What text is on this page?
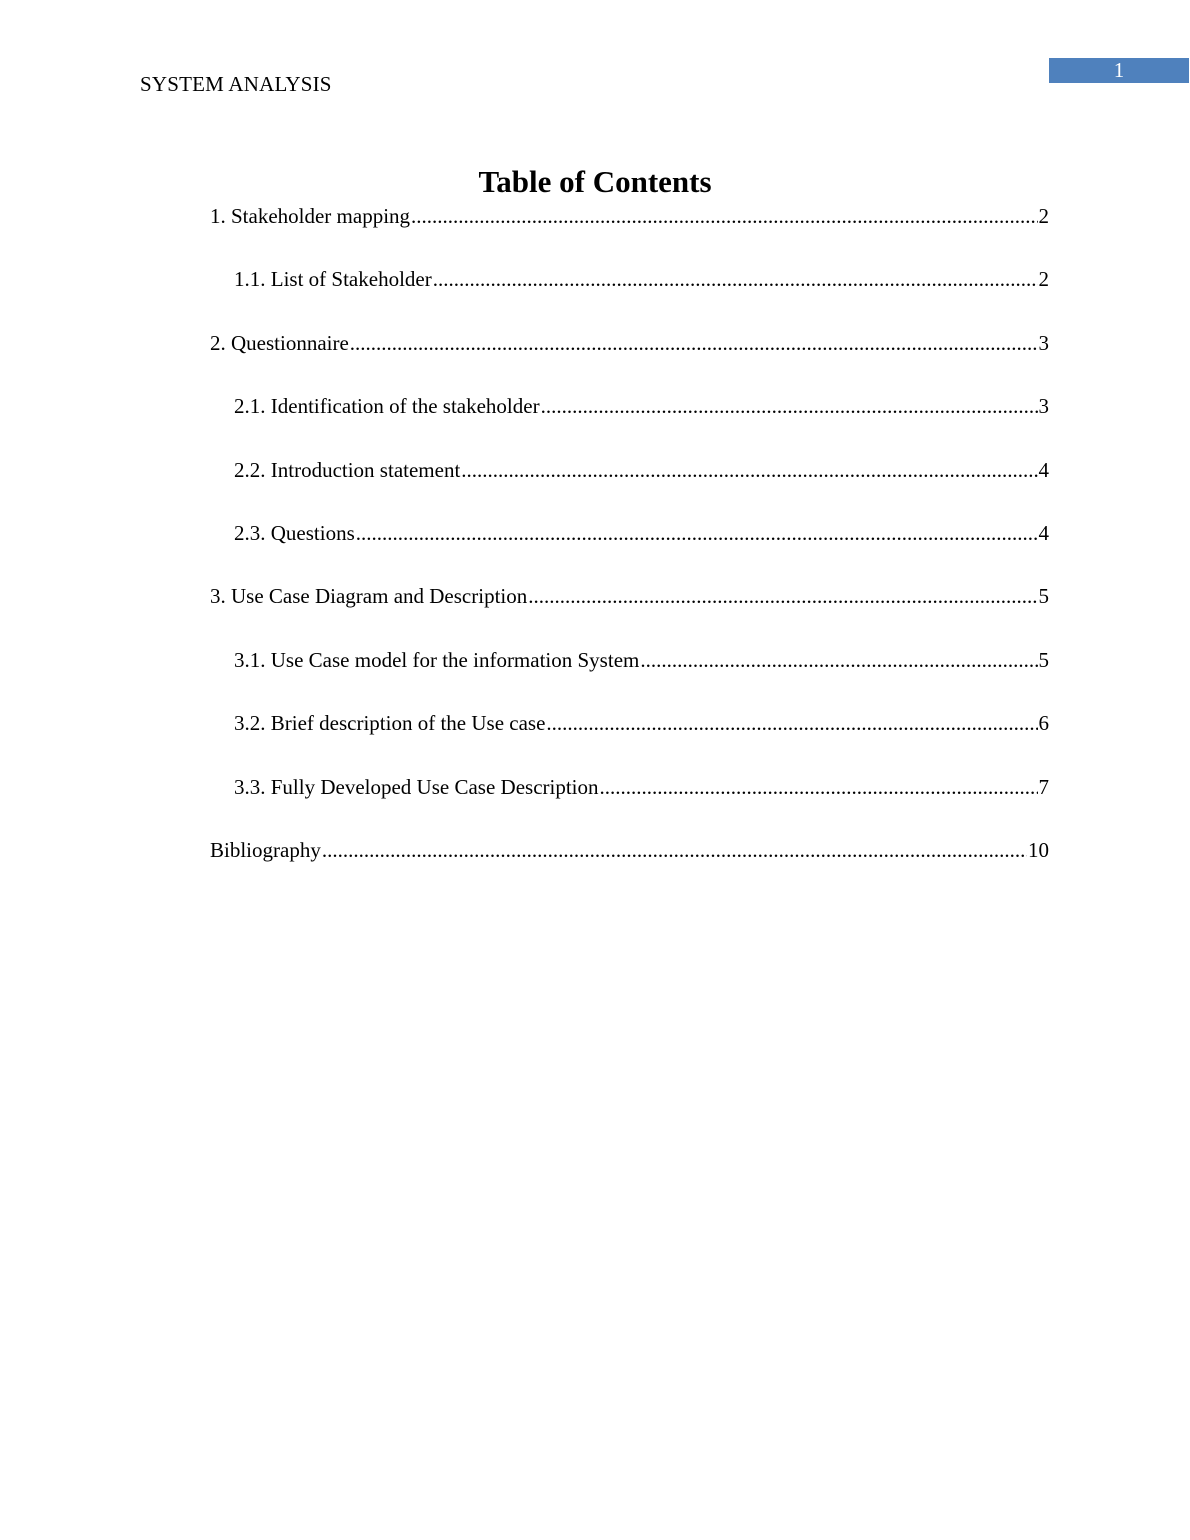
1
SYSTEM ANALYSIS
Table of Contents
1. Stakeholder mapping .....	2
1.1. List of Stakeholder .....	2
2. Questionnaire .....	3
2.1. Identification of the stakeholder .....	3
2.2. Introduction statement .....	4
2.3. Questions .....	4
3. Use Case Diagram and Description .....	5
3.1. Use Case model for the information System .....	5
3.2. Brief description of the Use case .....	6
3.3. Fully Developed Use Case Description .....	7
Bibliography .....	10
